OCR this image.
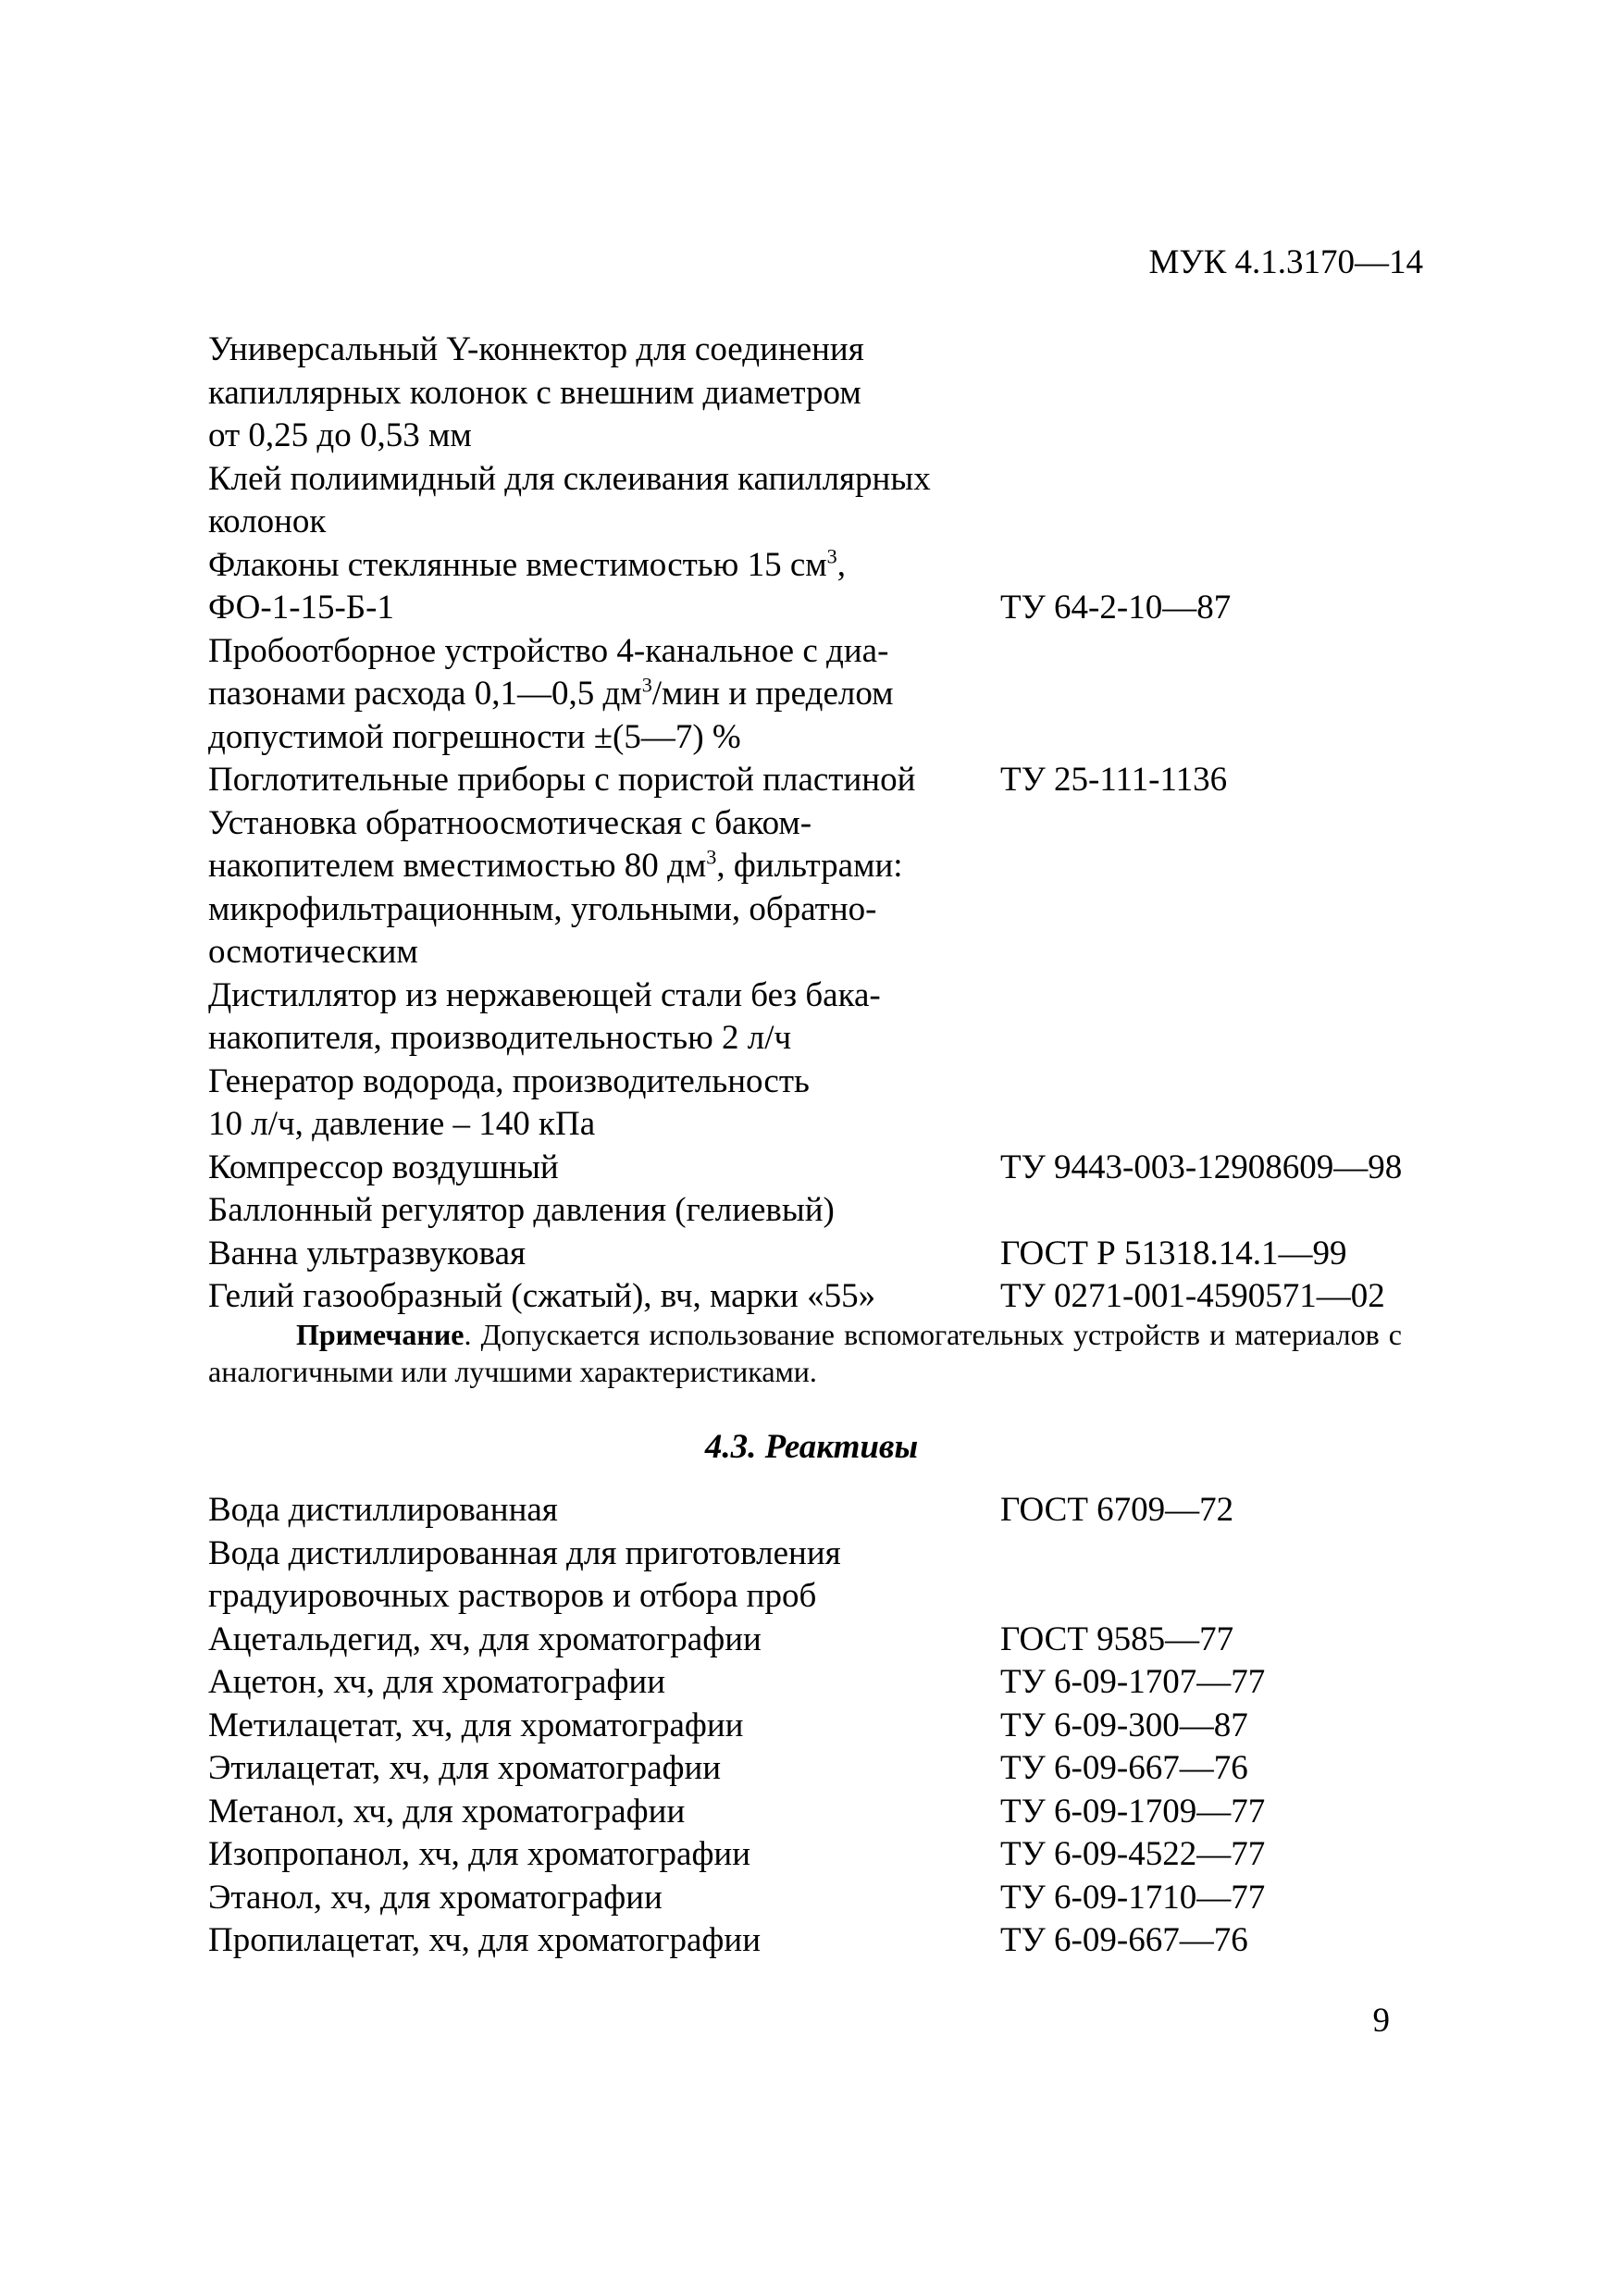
МУК 4.1.3170—14
Универсальный Y-коннектор для соединения
капиллярных колонок с внешним диаметром
от 0,25 до 0,53 мм
Клей полиимидный для склеивания капиллярных
колонок
Флаконы стеклянные вместимостью 15 $см^3$,
ФО-1-15-Б-1	ТУ 64-2-10—87
Пробоотборное устройство 4-канальное с диа-
пазонами расхода 0,1—0,5 $дм^3$/мин и пределом
допустимой погрешности ±(5—7) %
Поглотительные приборы с пористой пластиной	ТУ 25-111-1136
Установка обратноосмотическая с баком-
накопителем вместимостью 80 $дм^3$, фильтрами:
микрофильтрационным, угольными, обратно-
осмотическим
Дистиллятор из нержавеющей стали без бака-
накопителя, производительностью 2 л/ч
Генератор водорода, производительность
10 л/ч, давление – 140 кПа
Компрессор воздушный	ТУ 9443-003-12908609—98
Баллонный регулятор давления (гелиевый)
Ванна ультразвуковая	ГОСТ Р 51318.14.1—99
Гелий газообразный (сжатый), вч, марки «55»	ТУ 0271-001-4590571—02
Примечание. Допускается использование вспомогательных устройств и материалов с аналогичными или лучшими характеристиками.
4.3. Реактивы
Вода дистиллированная	ГОСТ 6709—72
Вода дистиллированная для приготовления
градуировочных растворов и отбора проб
Ацетальдегид, хч, для хроматографии	ГОСТ 9585—77
Ацетон, хч, для хроматографии	ТУ 6-09-1707—77
Метилацетат, хч, для хроматографии	ТУ 6-09-300—87
Этилацетат, хч, для хроматографии	ТУ 6-09-667—76
Метанол, хч, для хроматографии	ТУ 6-09-1709—77
Изопропанол, хч, для хроматографии	ТУ 6-09-4522—77
Этанол, хч, для хроматографии	ТУ 6-09-1710—77
Пропилацетат, хч, для хроматографии	ТУ 6-09-667—76
9
